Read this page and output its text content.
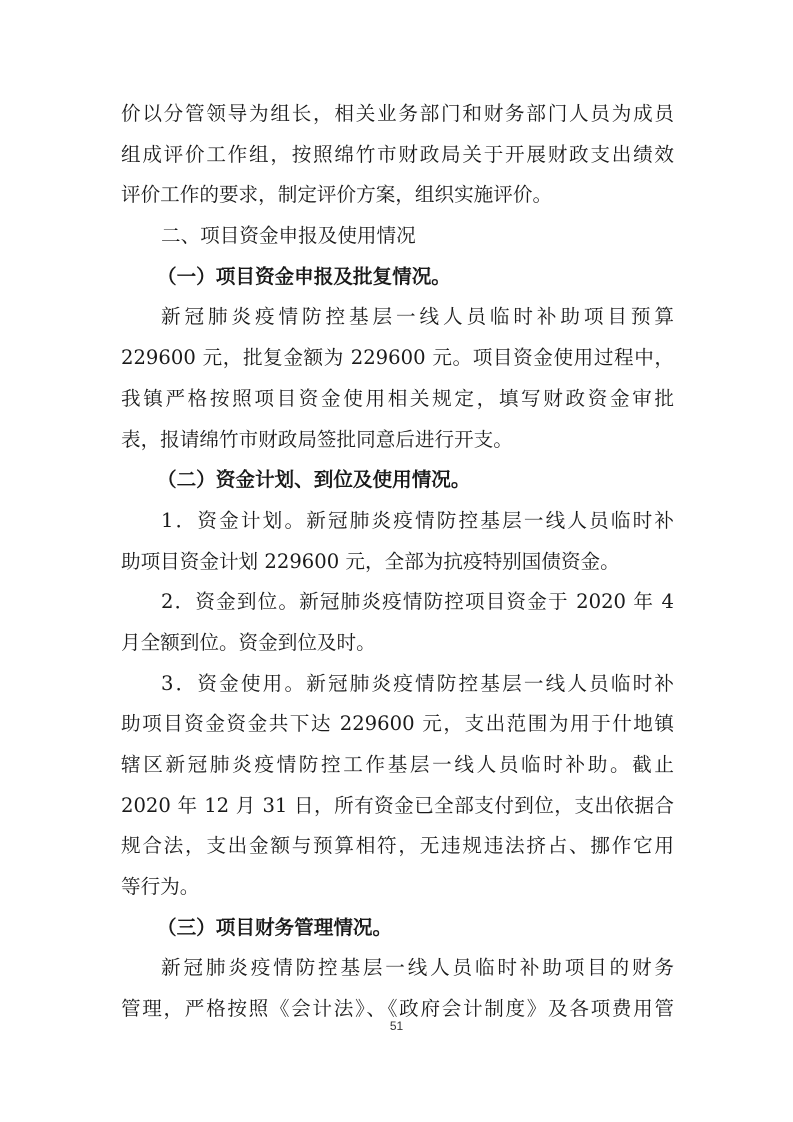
价以分管领导为组长，相关业务部门和财务部门人员为成员
组成评价工作组，按照绵竹市财政局关于开展财政支出绩效
评价工作的要求，制定评价方案，组织实施评价。
二、项目资金申报及使用情况
（一）项目资金申报及批复情况。
新冠肺炎疫情防控基层一线人员临时补助项目预算
229600 元，批复金额为 229600 元。项目资金使用过程中，
我镇严格按照项目资金使用相关规定，填写财政资金审批
表，报请绵竹市财政局签批同意后进行开支。
（二）资金计划、到位及使用情况。
1．资金计划。新冠肺炎疫情防控基层一线人员临时补
助项目资金计划 229600 元，全部为抗疫特别国债资金。
2．资金到位。新冠肺炎疫情防控项目资金于 2020 年 4
月全额到位。资金到位及时。
3．资金使用。新冠肺炎疫情防控基层一线人员临时补
助项目资金资金共下达 229600 元，支出范围为用于什地镇
辖区新冠肺炎疫情防控工作基层一线人员临时补助。截止
2020 年 12 月 31 日，所有资金已全部支付到位，支出依据合
规合法，支出金额与预算相符，无违规违法挤占、挪作它用
等行为。
（三）项目财务管理情况。
新冠肺炎疫情防控基层一线人员临时补助项目的财务
管理，严格按照《会计法》、《政府会计制度》及各项费用管
51
